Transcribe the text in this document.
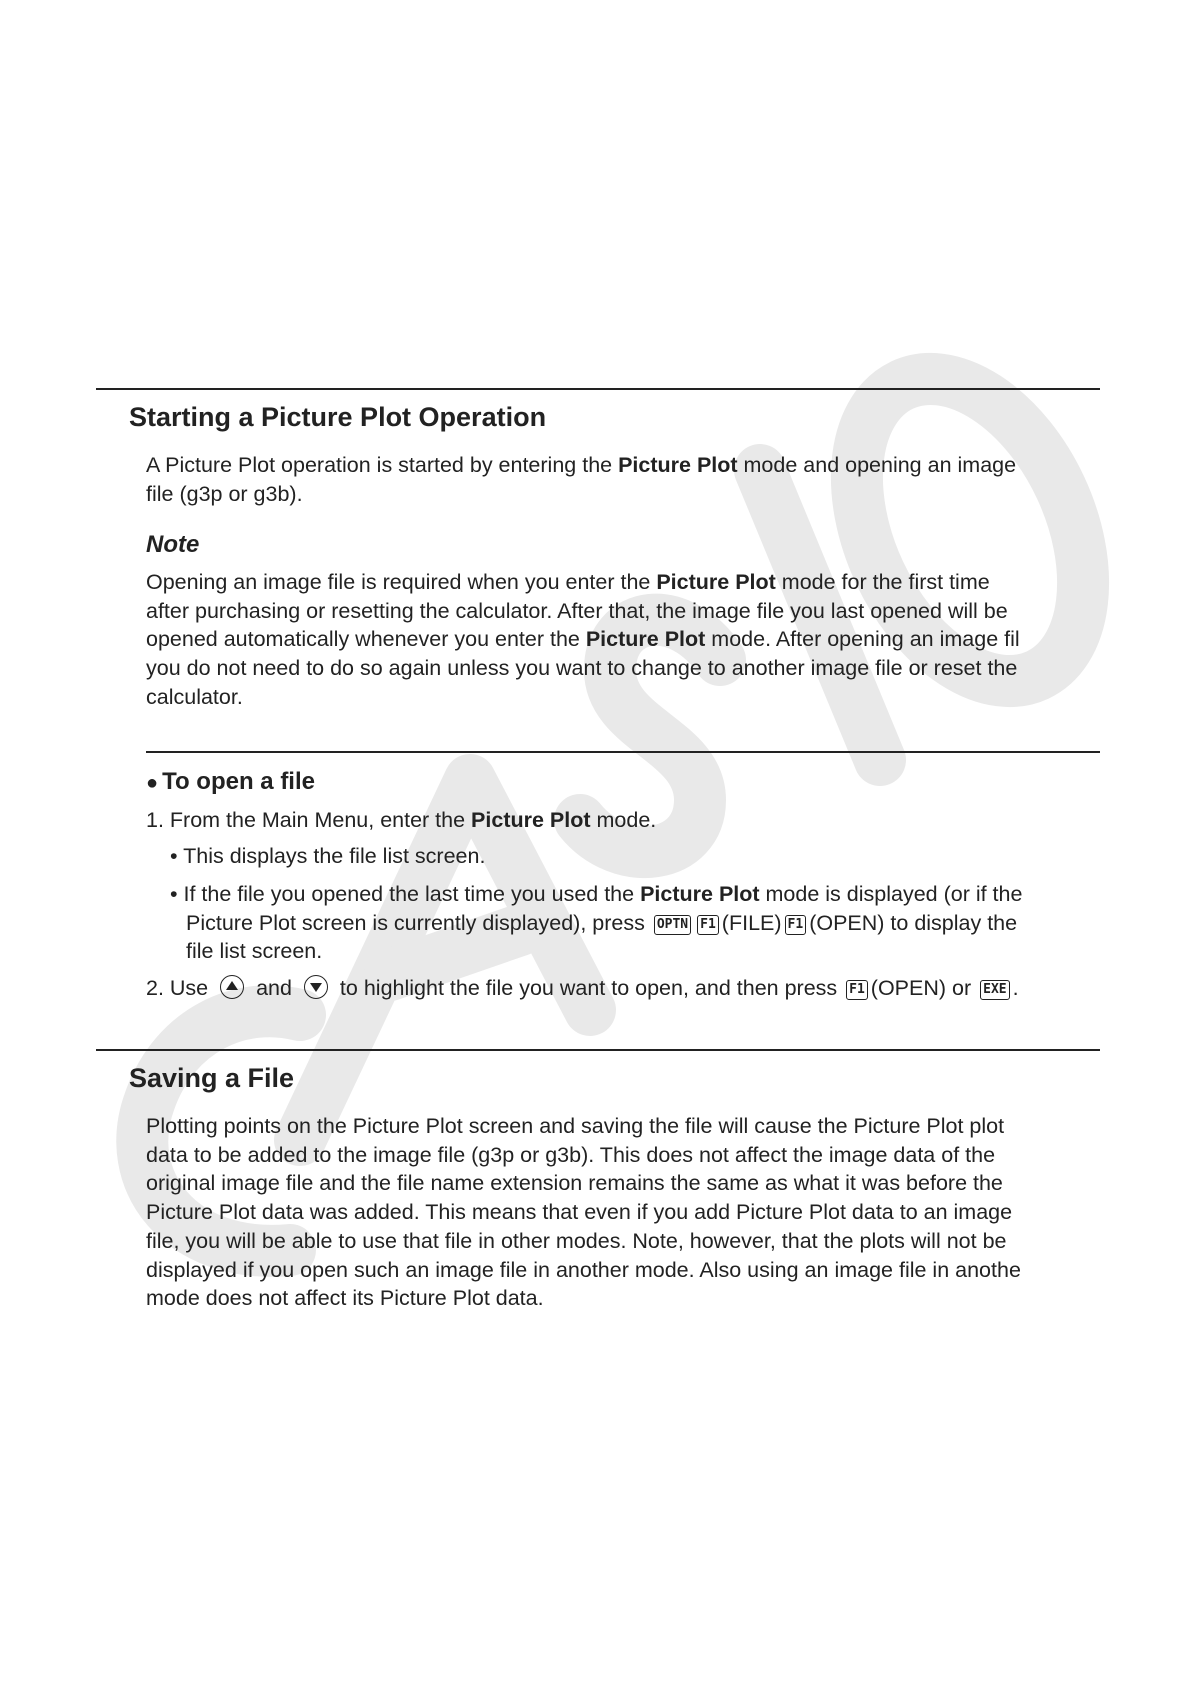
Starting a Picture Plot Operation

A Picture Plot operation is started by entering the Picture Plot mode and opening an image
file (g3p or g3b).

Note

Opening an image file is required when you enter the Picture Plot mode for the first time
after purchasing or resetting the calculator. After that, the image file you last opened will be
opened automatically whenever you enter the Picture Plot mode. After opening an image fil
you do not need to do so again unless you want to change to another image file or reset the
calculator.

● To open a file

1. From the Main Menu, enter the Picture Plot mode.

• This displays the file list screen.

• If the file you opened the last time you used the Picture Plot mode is displayed (or if the
Picture Plot screen is currently displayed), press OPTN F1 (FILE) F1 (OPEN) to display the
file list screen.

2. Use  and  to highlight the file you want to open, and then press F1 (OPEN) or EXE .

Saving a File

Plotting points on the Picture Plot screen and saving the file will cause the Picture Plot plot
data to be added to the image file (g3p or g3b). This does not affect the image data of the
original image file and the file name extension remains the same as what it was before the
Picture Plot data was added. This means that even if you add Picture Plot data to an image
file, you will be able to use that file in other modes. Note, however, that the plots will not be
displayed if you open such an image file in another mode. Also using an image file in anothe
mode does not affect its Picture Plot data.
